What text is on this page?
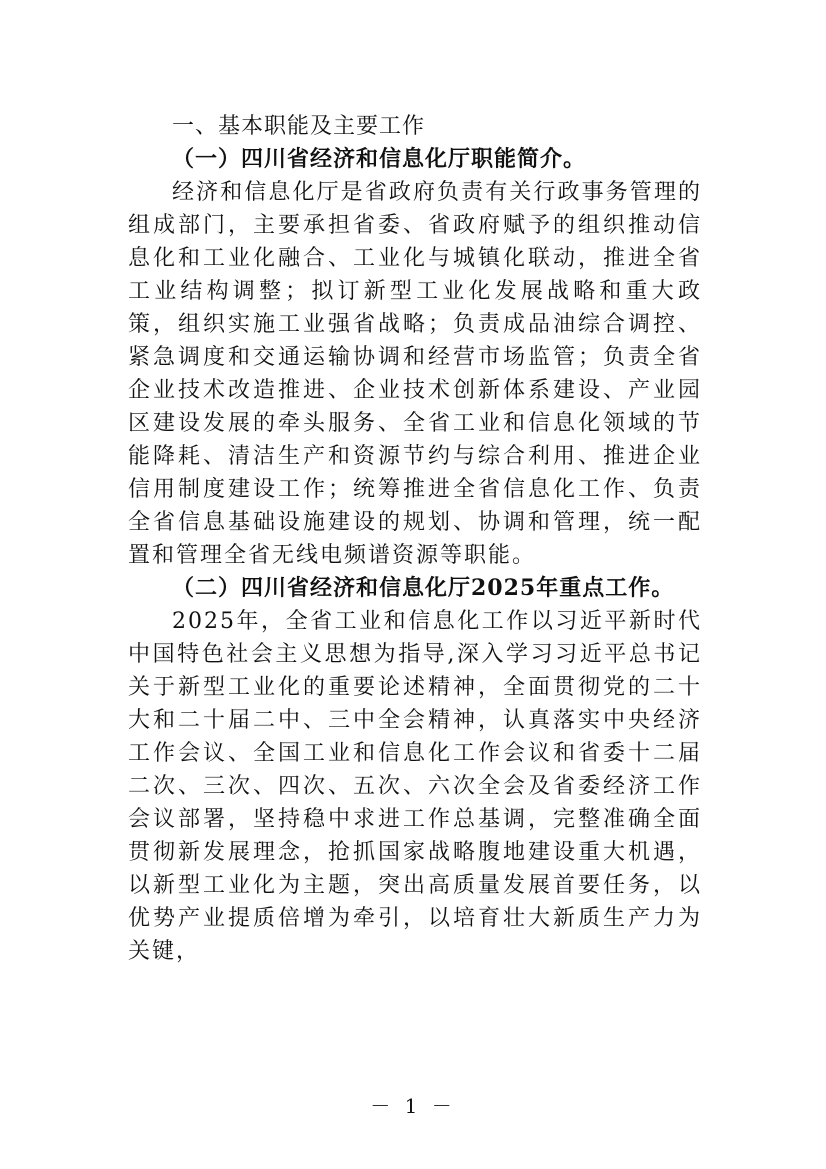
一、基本职能及主要工作

（一）四川省经济和信息化厅职能简介。

经济和信息化厅是省政府负责有关行政事务管理的组成部门，主要承担省委、省政府赋予的组织推动信息化和工业化融合、工业化与城镇化联动，推进全省工业结构调整；拟订新型工业化发展战略和重大政策，组织实施工业强省战略；负责成品油综合调控、紧急调度和交通运输协调和经营市场监管；负责全省企业技术改造推进、企业技术创新体系建设、产业园区建设发展的牵头服务、全省工业和信息化领域的节能降耗、清洁生产和资源节约与综合利用、推进企业信用制度建设工作；统筹推进全省信息化工作、负责全省信息基础设施建设的规划、协调和管理，统一配置和管理全省无线电频谱资源等职能。

（二）四川省经济和信息化厅2025年重点工作。

2025年，全省工业和信息化工作以习近平新时代中国特色社会主义思想为指导,深入学习习近平总书记关于新型工业化的重要论述精神，全面贯彻党的二十大和二十届二中、三中全会精神，认真落实中央经济工作会议、全国工业和信息化工作会议和省委十二届二次、三次、四次、五次、六次全会及省委经济工作会议部署，坚持稳中求进工作总基调，完整准确全面贯彻新发展理念，抢抓国家战略腹地建设重大机遇，以新型工业化为主题，突出高质量发展首要任务，以优势产业提质倍增为牵引，以培育壮大新质生产力为关键，

－ 1 －
